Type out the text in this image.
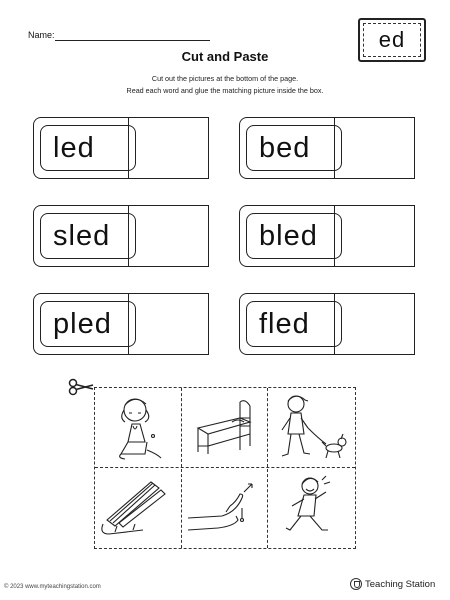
Name:	ed
Cut and Paste
Cut out the pictures at the bottom of the page.
Read each word and glue the matching picture inside the box.
led	bed
sled	bled
pled	fled
© 2023 www.myteachingstation.com	Teaching Station
